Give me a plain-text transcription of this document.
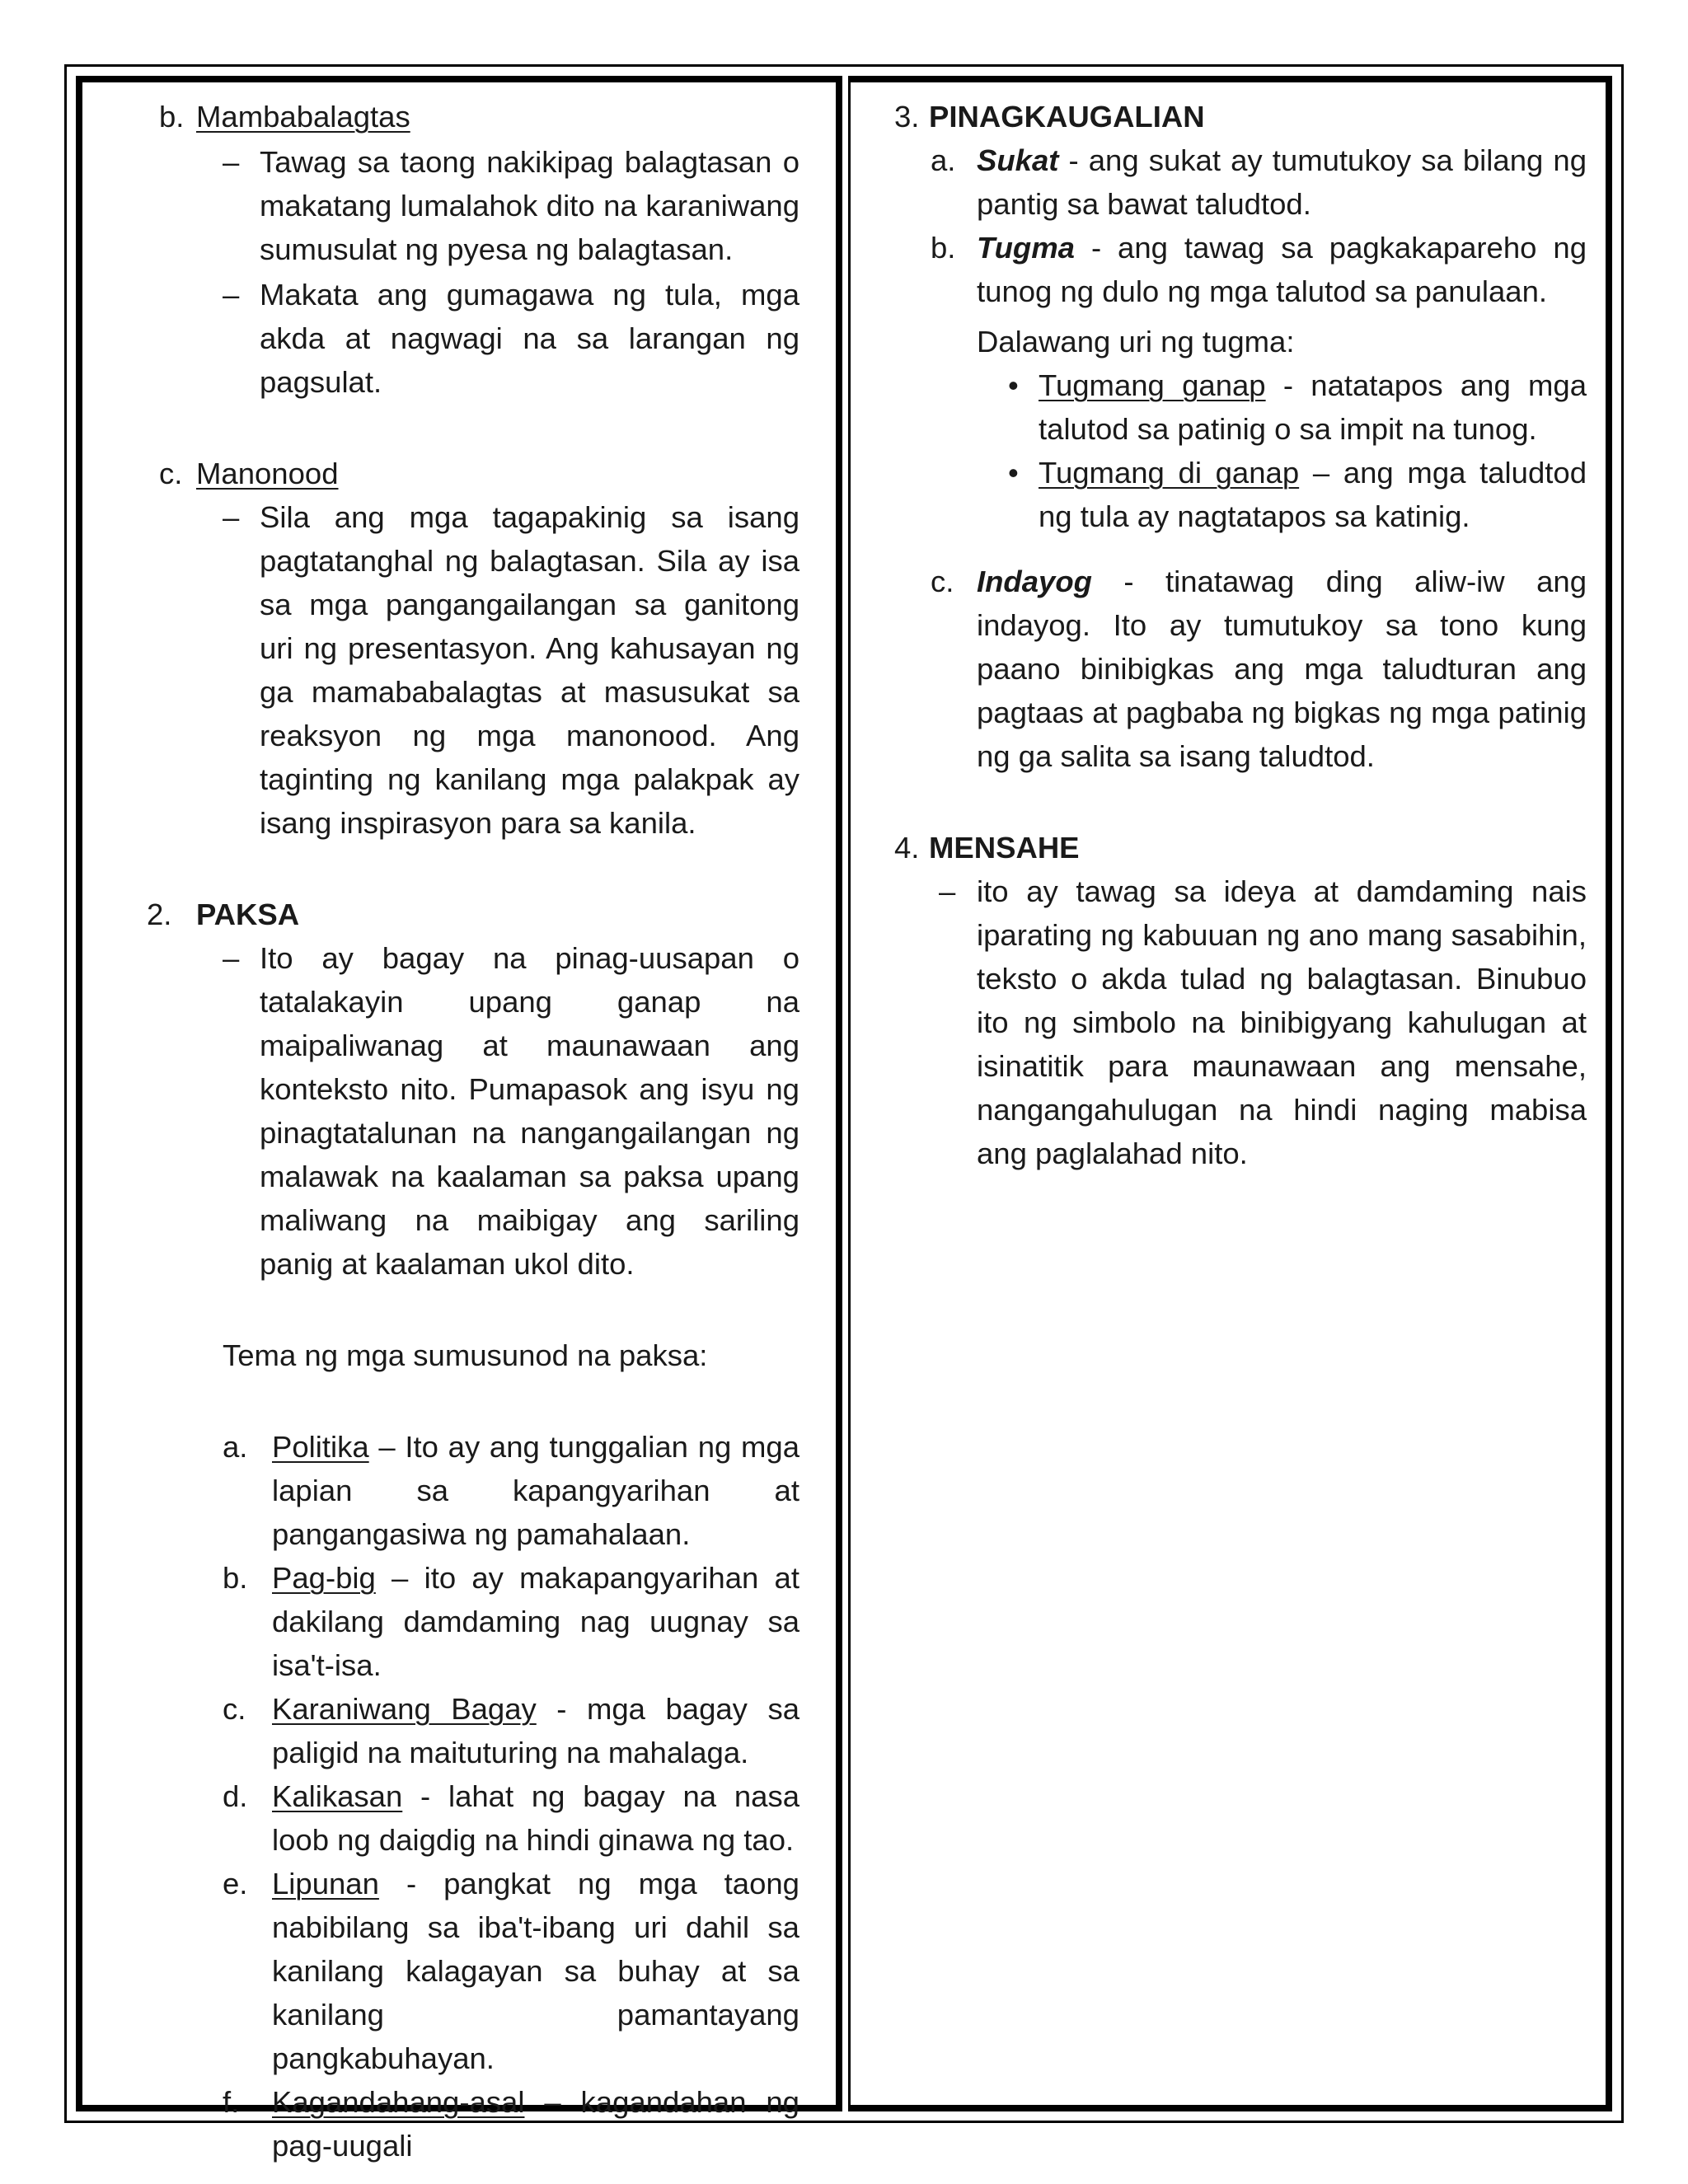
b. Mambabalagtas
– Tawag sa taong nakikipag balagtasan o makatang lumalahok dito na karaniwang sumusulat ng pyesa ng balagtasan.
– Makata ang gumagawa ng tula, mga akda at nagwagi na sa larangan ng pagsulat.
c. Manonood
– Sila ang mga tagapakinig sa isang pagtatanghal ng balagtasan. Sila ay isa sa mga pangangailangan sa ganitong uri ng presentasyon. Ang kahusayan ng ga mamababalagtas at masusukat sa reaksyon ng mga manonood. Ang taginting ng kanilang mga palakpak ay isang inspirasyon para sa kanila.
2. PAKSA
– Ito ay bagay na pinag-uusapan o tatalakayin upang ganap na maipaliwanag at maunawaan ang konteksto nito. Pumapasok ang isyu ng pinagtatalunan na nangangailangan ng malawak na kaalaman sa paksa upang maliwang na maibigay ang sariling panig at kaalaman ukol dito.
Tema ng mga sumusunod na paksa:
a. Politika – Ito ay ang tunggalian ng mga lapian sa kapangyarihan at pangangasiwa ng pamahalaan.
b. Pag-big – ito ay makapangyarihan at dakilang damdaming nag uugnay sa isa't-isa.
c. Karaniwang Bagay - mga bagay sa paligid na maituturing na mahalaga.
d. Kalikasan - lahat ng bagay na nasa loob ng daigdig na hindi ginawa ng tao.
e. Lipunan - pangkat ng mga taong nabibilang sa iba't-ibang uri dahil sa kanilang kalagayan sa buhay at sa kanilang pamantayang pangkabuhayan.
f. Kagandahang-asal – kagandahan ng pag-uugali
3. PINAGKAUGALIAN
a. Sukat - ang sukat ay tumutukoy sa bilang ng pantig sa bawat taludtod.
b. Tugma - ang tawag sa pagkakapareho ng tunog ng dulo ng mga talutod sa panulaan.
Dalawang uri ng tugma:
• Tugmang ganap - natatapos ang mga talutod sa patinig o sa impit na tunog.
• Tugmang di ganap – ang mga taludtod ng tula ay nagtatapos sa katinig.
c. Indayog - tinatawag ding aliw-iw ang indayog. Ito ay tumutukoy sa tono kung paano binibigkas ang mga taludturan ang pagtaas at pagbaba ng bigkas ng mga patinig ng ga salita sa isang taludtod.
4. MENSAHE
– ito ay tawag sa ideya at damdaming nais iparating ng kabuuan ng ano mang sasabihin, teksto o akda tulad ng balagtasan. Binubuo ito ng simbolo na binibigyang kahulugan at isinatitik para maunawaan ang mensahe, nangangahulugan na hindi naging mabisa ang paglalahad nito.
